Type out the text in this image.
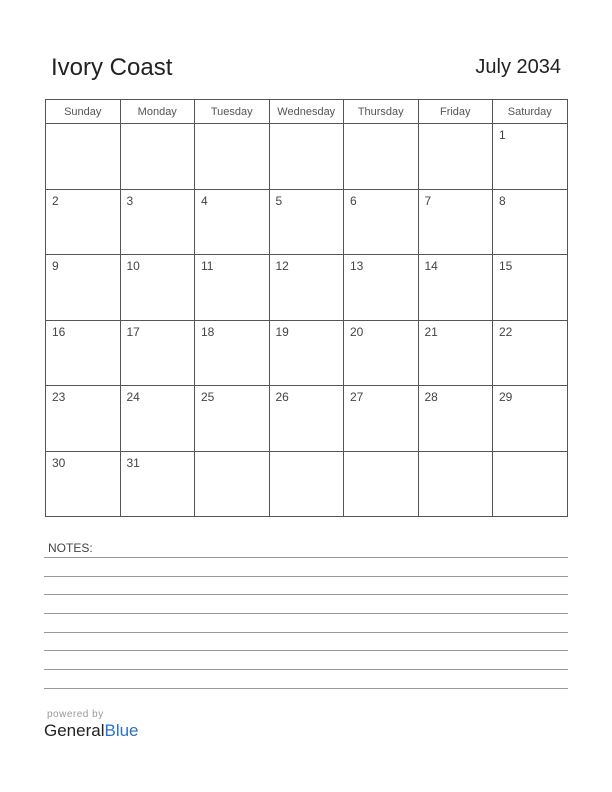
Ivory Coast	July 2034
Sunday	Monday	Tuesday	Wednesday	Thursday	Friday	Saturday

						1

2	3	4	5	6	7	8

9	10	11	12	13	14	15

16	17	18	19	20	21	22

23	24	25	26	27	28	29

30	31					

NOTES:
powered by
GeneralBlue
